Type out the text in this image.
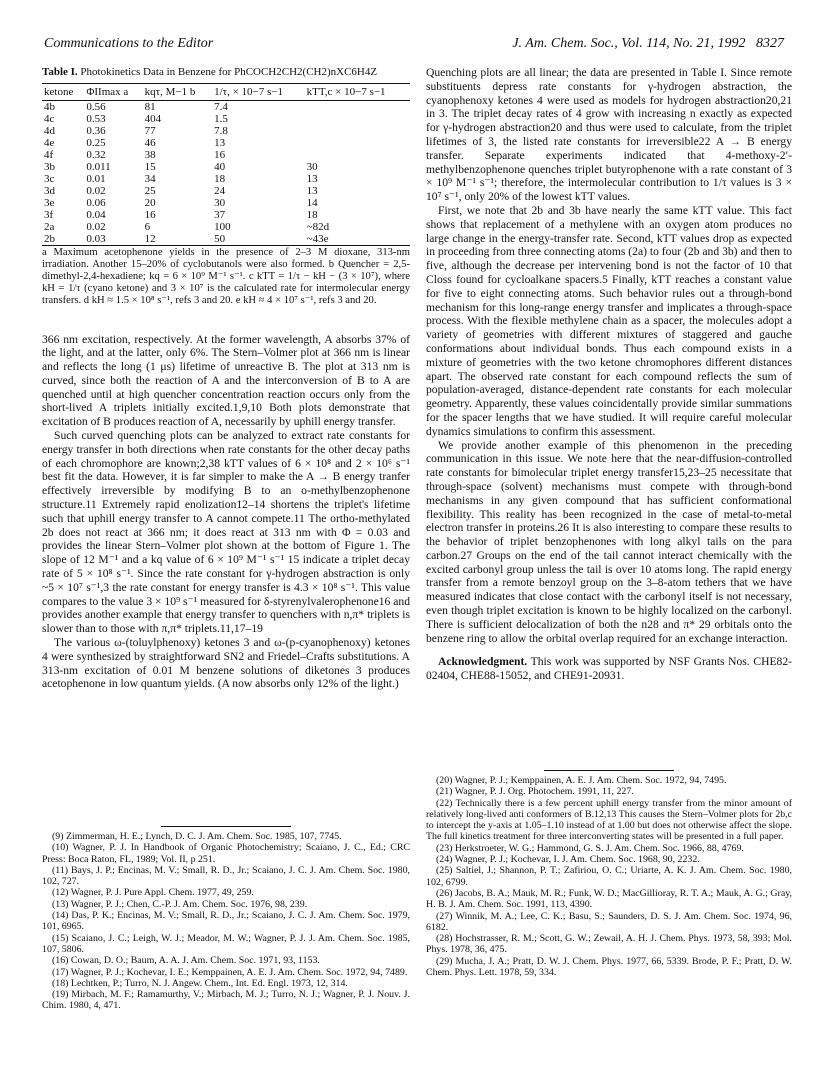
Communications to the Editor	J. Am. Chem. Soc., Vol. 114, No. 21, 1992 8327

Table I. Photokinetics Data in Benzene for PhCOCH2CH2(CH2)nXC6H4Z

ketone	ΦIImax a	kqτ, M−1 b	1/τ, × 10−7 s−1	kTT,c × 10−7 s−1
4b	0.56	81	7.4	
4c	0.53	404	1.5	
4d	0.36	77	7.8	
4e	0.25	46	13	
4f	0.32	38	16	
3b	0.011	15	40	30
3c	0.01	34	18	13
3d	0.02	25	24	13
3e	0.06	20	30	14
3f	0.04	16	37	18
2a	0.02	6	100	~82d
2b	0.03	12	50	~43e
a Maximum acetophenone yields in the presence of 2–3 M dioxane, 313-nm irradiation. Another 15–20% of cyclobutanols were also formed. b Quencher = 2,5-dimethyl-2,4-hexadiene; kq = 6 × 10⁹ M⁻¹ s⁻¹. c kTT = 1/τ − kH − (3 × 10⁷), where kH = 1/τ (cyano ketone) and 3 × 10⁷ is the calculated rate for intermolecular energy transfers. d kH ≈ 1.5 × 10⁸ s⁻¹, refs 3 and 20. e kH ≈ 4 × 10⁷ s⁻¹, refs 3 and 20.

366 nm excitation, respectively. At the former wavelength, A absorbs 37% of the light, and at the latter, only 6%. The Stern–Volmer plot at 366 nm is linear and reflects the long (1 μs) lifetime of unreactive B. The plot at 313 nm is curved, since both the reaction of A and the interconversion of B to A are quenched until at high quencher concentration reaction occurs only from the short-lived A triplets initially excited.1,9,10 Both plots demonstrate that excitation of B produces reaction of A, necessarily by uphill energy transfer.

Such curved quenching plots can be analyzed to extract rate constants for energy transfer in both directions when rate constants for the other decay paths of each chromophore are known;2,38 kTT values of 6 × 10⁸ and 2 × 10⁶ s⁻¹ best fit the data. However, it is far simpler to make the A → B energy tranfer effectively irreversible by modifying B to an o-methylbenzophenone structure.11 Extremely rapid enolization12–14 shortens the triplet's lifetime such that uphill energy transfer to A cannot compete.11 The ortho-methylated 2b does not react at 366 nm; it does react at 313 nm with Φ = 0.03 and provides the linear Stern–Volmer plot shown at the bottom of Figure 1. The slope of 12 M⁻¹ and a kq value of 6 × 10⁹ M⁻¹ s⁻¹ 15 indicate a triplet decay rate of 5 × 10⁸ s⁻¹. Since the rate constant for γ-hydrogen abstraction is only ~5 × 10⁷ s⁻¹,3 the rate constant for energy transfer is 4.3 × 10⁸ s⁻¹. This value compares to the value 3 × 10⁹ s⁻¹ measured for δ-styrenylvalerophenone16 and provides another example that energy transfer to quenchers with n,π* triplets is slower than to those with π,π* triplets.11,17–19

The various ω-(toluylphenoxy) ketones 3 and ω-(p-cyanophenoxy) ketones 4 were synthesized by straightforward SN2 and Friedel–Crafts substitutions. A 313-nm excitation of 0.01 M benzene solutions of diketones 3 produces acetophenone in low quantum yields. (A now absorbs only 12% of the light.)

(9) Zimmerman, H. E.; Lynch, D. C. J. Am. Chem. Soc. 1985, 107, 7745.

(10) Wagner, P. J. In Handbook of Organic Photochemistry; Scaiano, J. C., Ed.; CRC Press: Boca Raton, FL, 1989; Vol. II, p 251.

(11) Bays, J. P.; Encinas, M. V.; Small, R. D., Jr.; Scaiano, J. C. J. Am. Chem. Soc. 1980, 102, 727.

(12) Wagner, P. J. Pure Appl. Chem. 1977, 49, 259.

(13) Wagner, P. J.; Chen, C.-P. J. Am. Chem. Soc. 1976, 98, 239.

(14) Das, P. K.; Encinas, M. V.; Small, R. D., Jr.; Scaiano, J. C. J. Am. Chem. Soc. 1979, 101, 6965.

(15) Scaiano, J. C.; Leigh, W. J.; Meador, M. W.; Wagner, P. J. J. Am. Chem. Soc. 1985, 107, 5806.

(16) Cowan, D. O.; Baum, A. A. J. Am. Chem. Soc. 1971, 93, 1153.

(17) Wagner, P. J.; Kochevar, I. E.; Kemppainen, A. E. J. Am. Chem. Soc. 1972, 94, 7489.

(18) Lechtken, P.; Turro, N. J. Angew. Chem., Int. Ed. Engl. 1973, 12, 314.

(19) Mirbach, M. F.; Ramamurthy, V.; Mirbach, M. J.; Turro, N. J.; Wagner, P. J. Nouv. J. Chim. 1980, 4, 471.

Quenching plots are all linear; the data are presented in Table I. Since remote substituents depress rate constants for γ-hydrogen abstraction, the cyanophenoxy ketones 4 were used as models for hydrogen abstraction20,21 in 3. The triplet decay rates of 4 grow with increasing n exactly as expected for γ-hydrogen abstraction20 and thus were used to calculate, from the triplet lifetimes of 3, the listed rate constants for irreversible22 A → B energy transfer. Separate experiments indicated that 4-methoxy-2′-methylbenzophenone quenches triplet butyrophenone with a rate constant of 3 × 10⁹ M⁻¹ s⁻¹; therefore, the intermolecular contribution to 1/τ values is 3 × 10⁷ s⁻¹, only 20% of the lowest kTT values.

First, we note that 2b and 3b have nearly the same kTT value. This fact shows that replacement of a methylene with an oxygen atom produces no large change in the energy-transfer rate. Second, kTT values drop as expected in proceeding from three connecting atoms (2a) to four (2b and 3b) and then to five, although the decrease per intervening bond is not the factor of 10 that Closs found for cycloalkane spacers.5 Finally, kTT reaches a constant value for five to eight connecting atoms. Such behavior rules out a through-bond mechanism for this long-range energy transfer and implicates a through-space process. With the flexible methylene chain as a spacer, the molecules adopt a variety of geometries with different mixtures of staggered and gauche conformations about individual bonds. Thus each compound exists in a mixture of geometries with the two ketone chromophores different distances apart. The observed rate constant for each compound reflects the sum of population-averaged, distance-dependent rate constants for each molecular geometry. Apparently, these values coincidentally provide similar summations for the spacer lengths that we have studied. It will require careful molecular dynamics simulations to confirm this assessment.

We provide another example of this phenomenon in the preceding communication in this issue. We note here that the near-diffusion-controlled rate constants for bimolecular triplet energy transfer15,23–25 necessitate that through-space (solvent) mechanisms must compete with through-bond mechanisms in any given compound that has sufficient conformational flexibility. This reality has been recognized in the case of metal-to-metal electron transfer in proteins.26 It is also interesting to compare these results to the behavior of triplet benzophenones with long alkyl tails on the para carbon.27 Groups on the end of the tail cannot interact chemically with the excited carbonyl group unless the tail is over 10 atoms long. The rapid energy transfer from a remote benzoyl group on the 3–8-atom tethers that we have measured indicates that close contact with the carbonyl itself is not necessary, even though triplet excitation is known to be highly localized on the carbonyl. There is sufficient delocalization of both the n28 and π* 29 orbitals onto the benzene ring to allow the orbital overlap required for an exchange interaction.

Acknowledgment. This work was supported by NSF Grants Nos. CHE82-02404, CHE88-15052, and CHE91-20931.

(20) Wagner, P. J.; Kemppainen, A. E. J. Am. Chem. Soc. 1972, 94, 7495.

(21) Wagner, P. J. Org. Photochem. 1991, 11, 227.

(22) Technically there is a few percent uphill energy transfer from the minor amount of relatively long-lived anti conformers of B.12,13 This causes the Stern–Volmer plots for 2b,c to intercept the y-axis at 1.05–1.10 instead of at 1.00 but does not otherwise affect the slope. The full kinetics treatment for three interconverting states will be presented in a full paper.

(23) Herkstroeter, W. G.; Hammond, G. S. J. Am. Chem. Soc. 1966, 88, 4769.

(24) Wagner, P. J.; Kochevar, I. J. Am. Chem. Soc. 1968, 90, 2232.

(25) Saltiel, J.; Shannon, P. T.; Zafiriou, O. C.; Uriarte, A. K. J. Am. Chem. Soc. 1980, 102, 6799.

(26) Jacobs, B. A.; Mauk, M. R.; Funk, W. D.; MacGillioray, R. T. A.; Mauk, A. G.; Gray, H. B. J. Am. Chem. Soc. 1991, 113, 4390.

(27) Winnik, M. A.; Lee, C. K.; Basu, S.; Saunders, D. S. J. Am. Chem. Soc. 1974, 96, 6182.

(28) Hochstrasser, R. M.; Scott, G. W.; Zewail, A. H. J. Chem. Phys. 1973, 58, 393; Mol. Phys. 1978, 36, 475.

(29) Mucha, J. A.; Pratt, D. W. J. Chem. Phys. 1977, 66, 5339. Brode, P. F.; Pratt, D. W. Chem. Phys. Lett. 1978, 59, 334.
